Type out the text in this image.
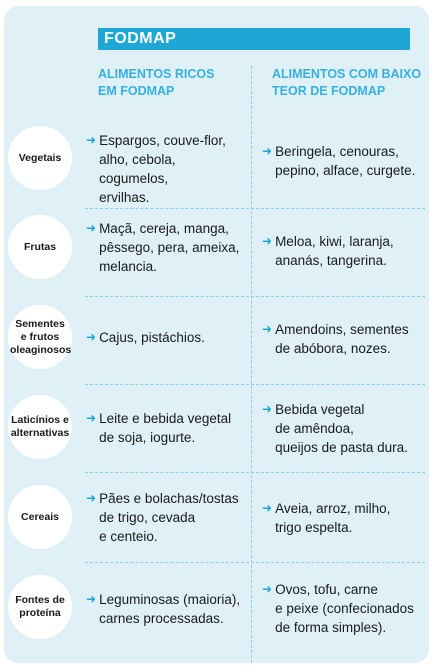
FODMAP
ALIMENTOS RICOS
EM FODMAP
ALIMENTOS COM BAIXO
TEOR DE FODMAP
Vegetais
➜ Espargos, couve-flor,
alho, cebola, cogumelos,
ervilhas.
➜ Beringela, cenouras,
pepino, alface, curgete.
Frutas
➜ Maçã, cereja, manga,
pêssego, pera, ameixa,
melancia.
➜ Meloa, kiwi, laranja,
ananás, tangerina.
Sementes
e frutos
oleaginosos
➜ Cajus, pistáchios.
➜ Amendoins, sementes
de abóbora, nozes.
Laticínios e
alternativas
➜ Leite e bebida vegetal
de soja, iogurte.
➜ Bebida vegetal
de amêndoa,
queijos de pasta dura.
Cereais
➜ Pães e bolachas/tostas
de trigo, cevada
e centeio.
➜ Aveia, arroz, milho,
trigo espelta.
Fontes de
proteína
➜ Leguminosas (maioria),
carnes processadas.
➜ Ovos, tofu, carne
e peixe (confecionados
de forma simples).
